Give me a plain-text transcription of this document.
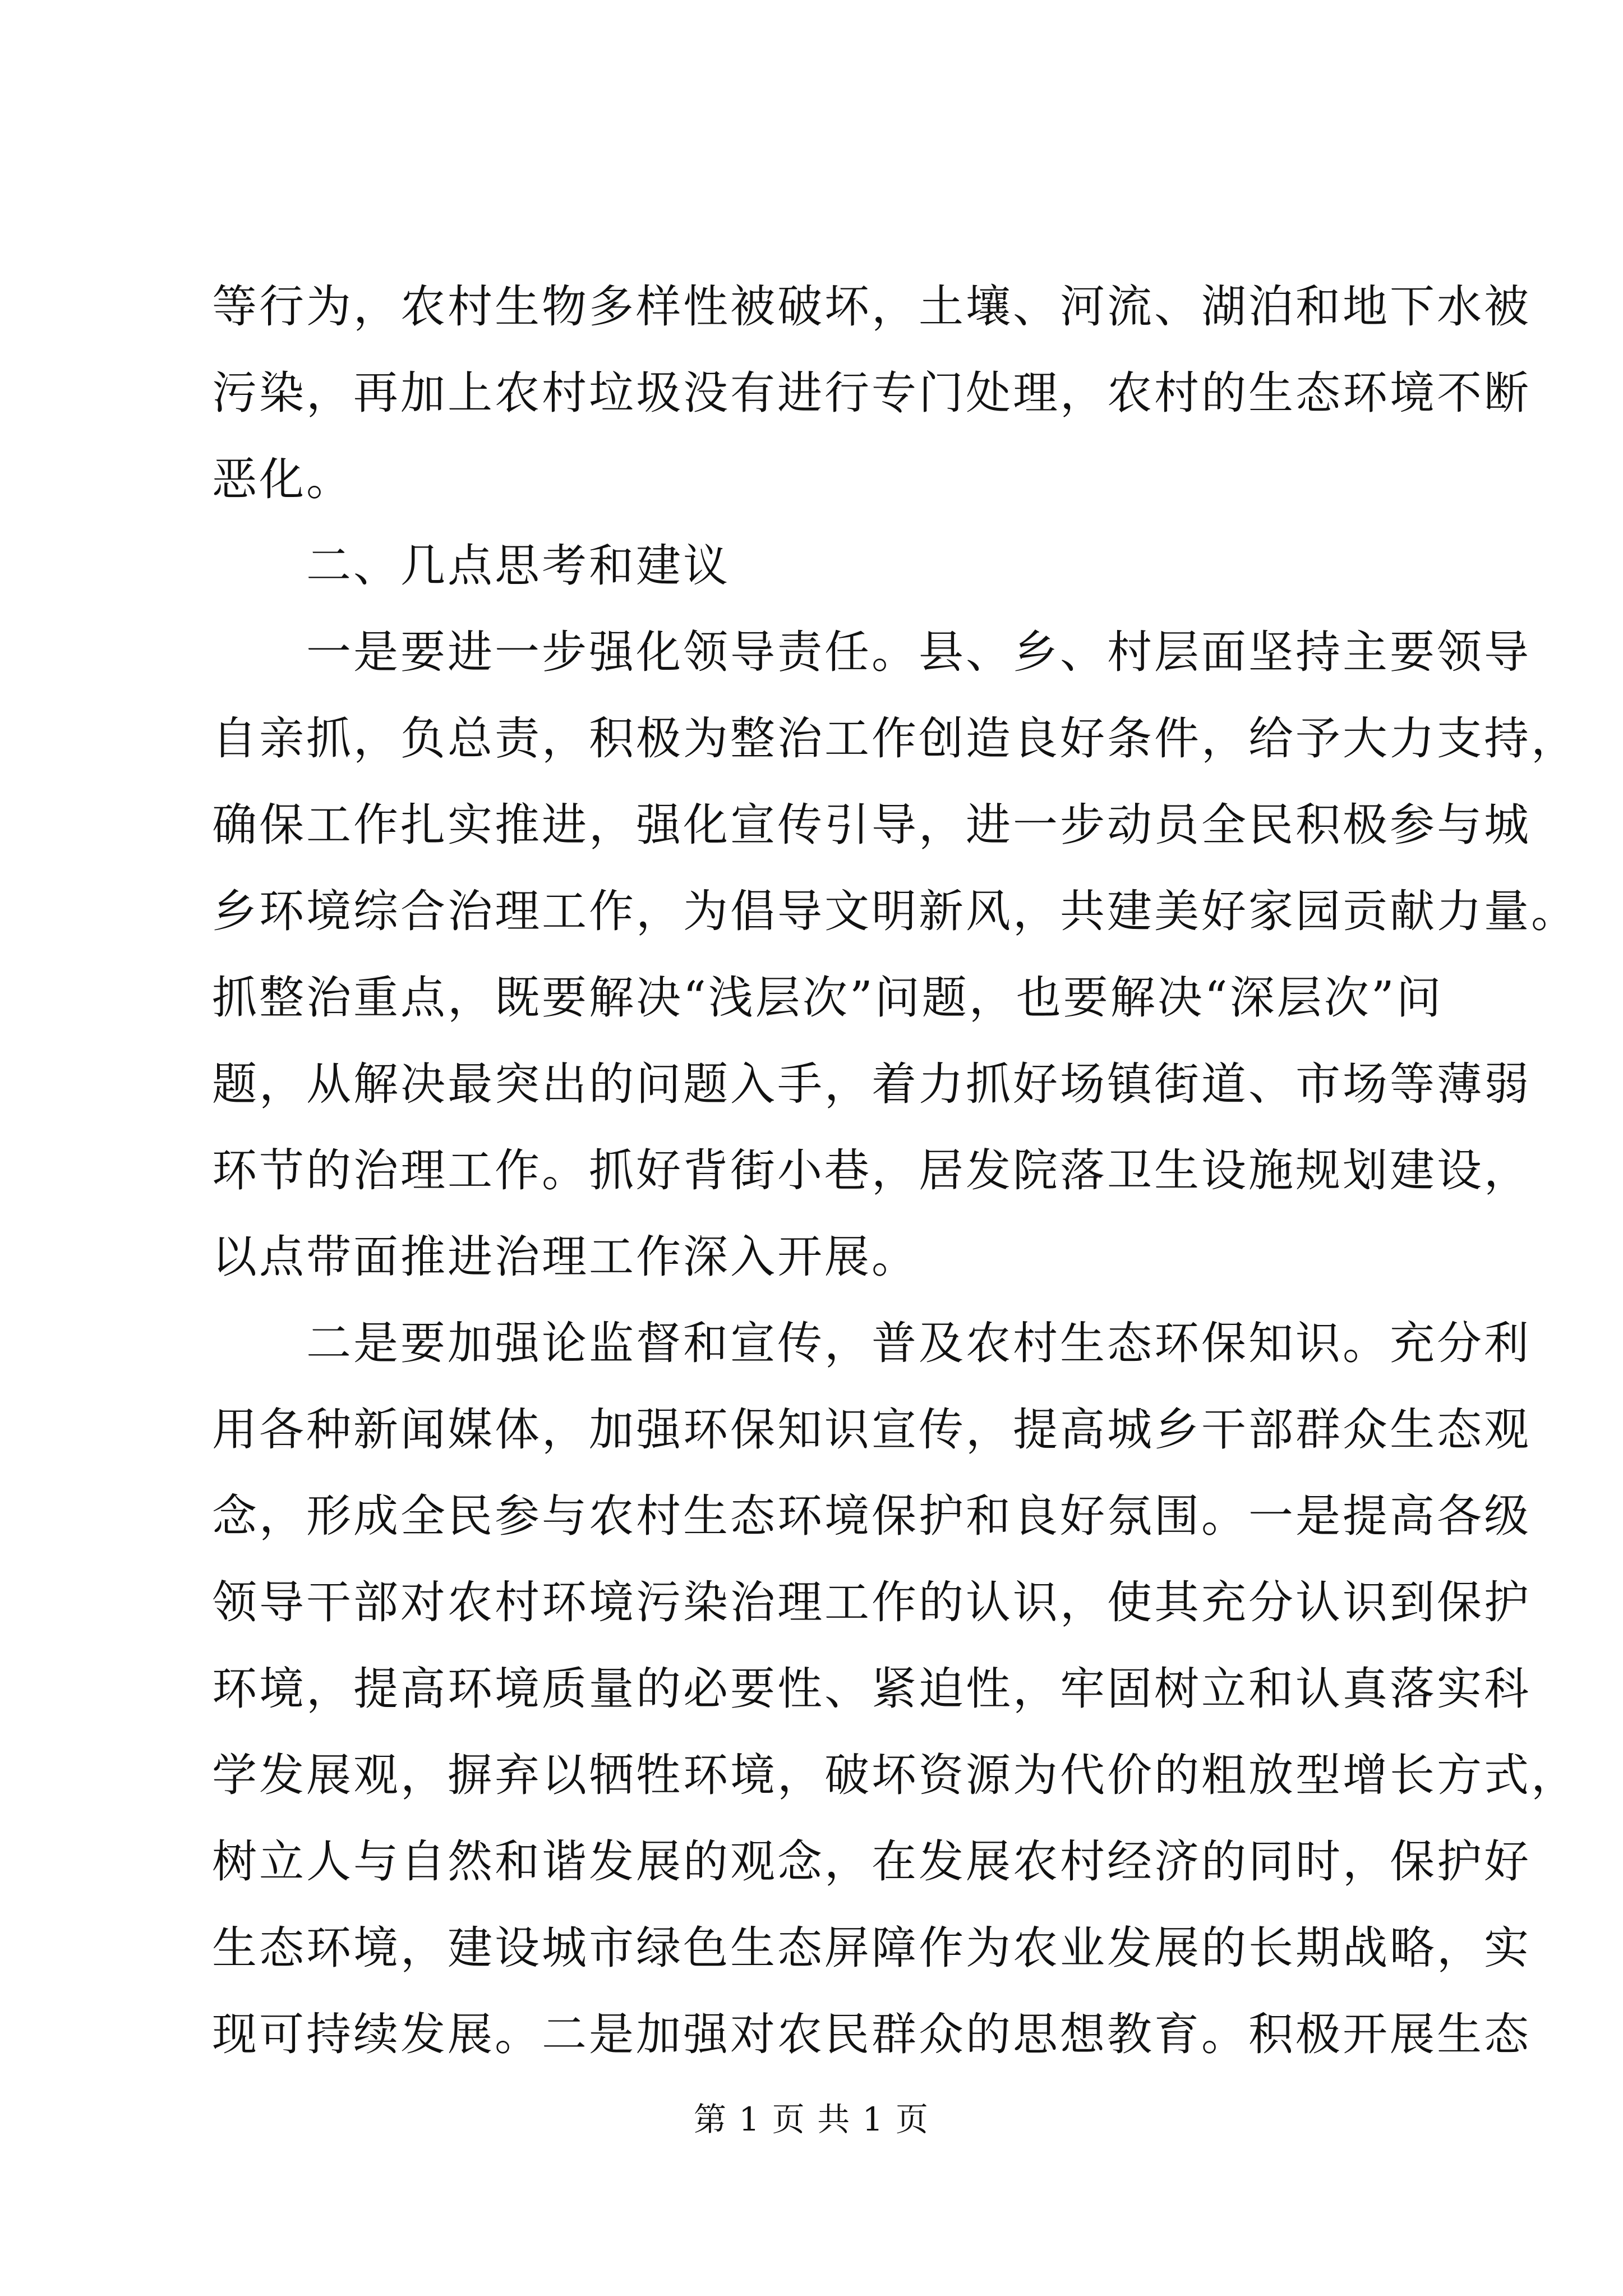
等行为，农村生物多样性被破坏，土壤、河流、湖泊和地下水被
污染，再加上农村垃圾没有进行专门处理，农村的生态环境不断
恶化。
二、几点思考和建议
一是要进一步强化领导责任。县、乡、村层面坚持主要领导
自亲抓，负总责，积极为整治工作创造良好条件，给予大力支持，
确保工作扎实推进，强化宣传引导，进一步动员全民积极参与城
乡环境综合治理工作，为倡导文明新风，共建美好家园贡献力量。
抓整治重点，既要解决“浅层次”问题，也要解决“深层次”问
题，从解决最突出的问题入手，着力抓好场镇街道、市场等薄弱
环节的治理工作。抓好背街小巷，居发院落卫生设施规划建设，
以点带面推进治理工作深入开展。
二是要加强论监督和宣传，普及农村生态环保知识。充分利
用各种新闻媒体，加强环保知识宣传，提高城乡干部群众生态观
念，形成全民参与农村生态环境保护和良好氛围。一是提高各级
领导干部对农村环境污染治理工作的认识，使其充分认识到保护
环境，提高环境质量的必要性、紧迫性，牢固树立和认真落实科
学发展观，摒弃以牺牲环境，破坏资源为代价的粗放型增长方式，
树立人与自然和谐发展的观念，在发展农村经济的同时，保护好
生态环境，建设城市绿色生态屏障作为农业发展的长期战略，实
现可持续发展。二是加强对农民群众的思想教育。积极开展生态
第 1 页 共 1 页
